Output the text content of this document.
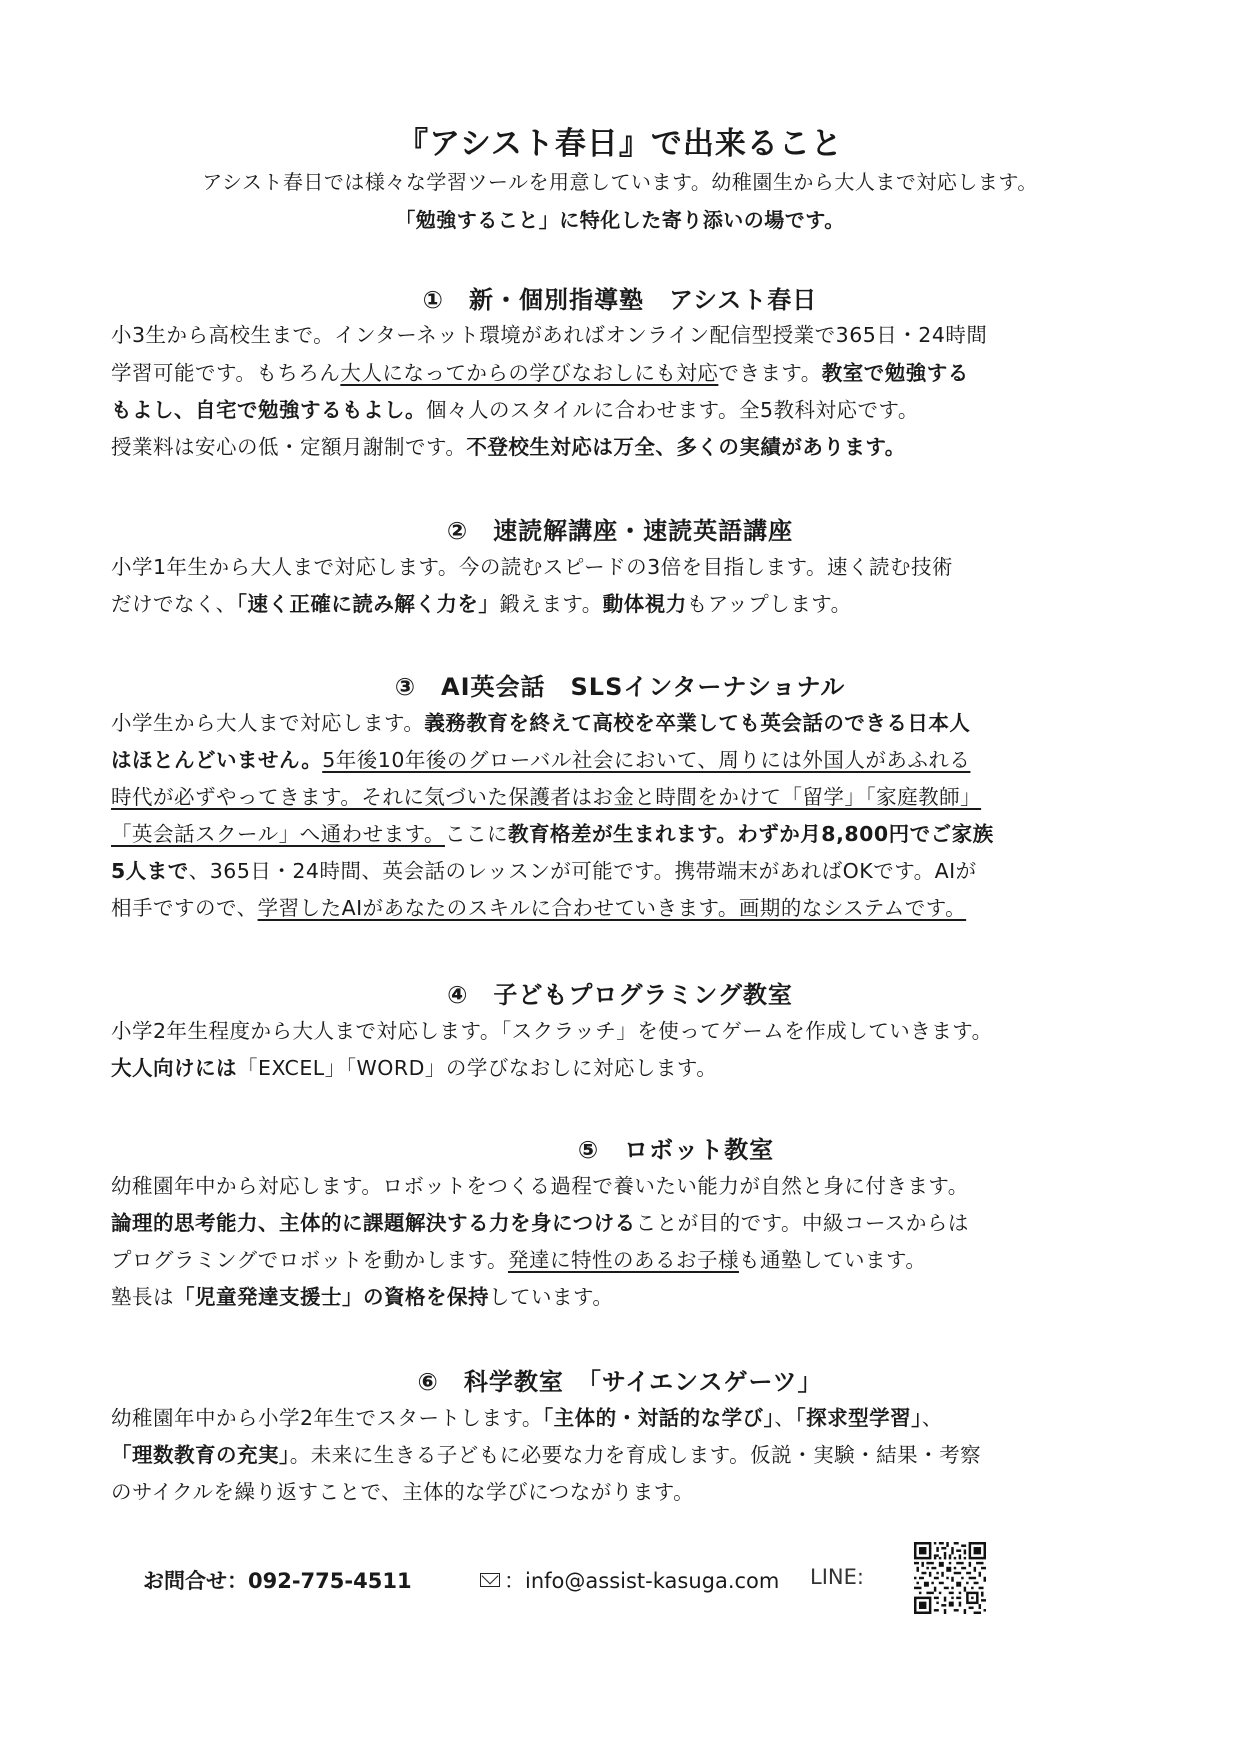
『アシスト春日』で出来ること
アシスト春日では様々な学習ツールを用意しています。幼稚園生から大人まで対応します。
「勉強すること」に特化した寄り添いの場です。
①　新・個別指導塾　アシスト春日
小3生から高校生まで。インターネット環境があればオンライン配信型授業で365日・24時間
学習可能です。もちろん大人になってからの学びなおしにも対応できます。教室で勉強する
もよし、自宅で勉強するもよし。個々人のスタイルに合わせます。全5教科対応です。
授業料は安心の低・定額月謝制です。不登校生対応は万全、多くの実績があります。
②　速読解講座・速読英語講座
小学1年生から大人まで対応します。今の読むスピードの3倍を目指します。速く読む技術
だけでなく、「速く正確に読み解く力を」鍛えます。動体視力もアップします。
③　AI英会話　SLSインターナショナル
小学生から大人まで対応します。義務教育を終えて高校を卒業しても英会話のできる日本人
はほとんどいません。5年後10年後のグローバル社会において、周りには外国人があふれる
時代が必ずやってきます。それに気づいた保護者はお金と時間をかけて「留学」「家庭教師」
「英会話スクール」へ通わせます。ここに教育格差が生まれます。わずか月8,800円でご家族
5人まで、365日・24時間、英会話のレッスンが可能です。携帯端末があればOKです。AIが
相手ですので、学習したAIがあなたのスキルに合わせていきます。画期的なシステムです。
④　子どもプログラミング教室
小学2年生程度から大人まで対応します。「スクラッチ」を使ってゲームを作成していきます。
大人向けには「EXCEL」「WORD」の学びなおしに対応します。
⑤　ロボット教室
幼稚園年中から対応します。ロボットをつくる過程で養いたい能力が自然と身に付きます。
論理的思考能力、主体的に課題解決する力を身につけることが目的です。中級コースからは
プログラミングでロボットを動かします。発達に特性のあるお子様も通塾しています。
塾長は「児童発達支援士」の資格を保持しています。
⑥　科学教室　「サイエンスゲーツ」
幼稚園年中から小学2年生でスタートします。「主体的・対話的な学び」、「探求型学習」、
「理数教育の充実」。未来に生きる子どもに必要な力を育成します。仮説・実験・結果・考察
のサイクルを繰り返すことで、主体的な学びにつながります。
お問合せ：092-775-4511	：info@assist-kasuga.com LINE:
